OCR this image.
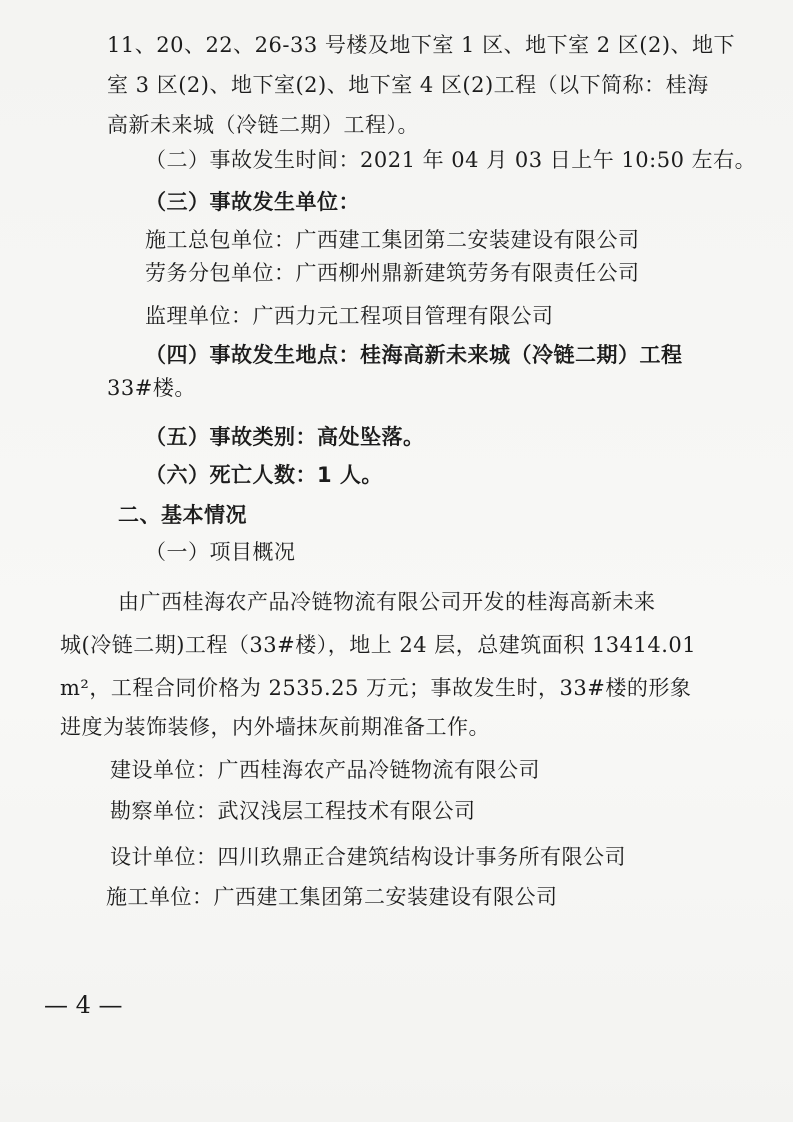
11、20、22、26-33 号楼及地下室 1 区、地下室 2 区(2)、地下
室 3 区(2)、地下室(2)、地下室 4 区(2)工程（以下简称：桂海
高新未来城（冷链二期）工程）。
（二）事故发生时间：2021 年 04 月 03 日上午 10:50 左右。
（三）事故发生单位：
施工总包单位：广西建工集团第二安装建设有限公司
劳务分包单位：广西柳州鼎新建筑劳务有限责任公司
监理单位：广西力元工程项目管理有限公司
（四）事故发生地点：桂海高新未来城（冷链二期）工程
33#楼。
（五）事故类别：高处坠落。
（六）死亡人数：1 人。
二、基本情况
（一）项目概况
由广西桂海农产品冷链物流有限公司开发的桂海高新未来
城(冷链二期)工程（33#楼），地上 24 层，总建筑面积 13414.01
m²，工程合同价格为 2535.25 万元；事故发生时，33#楼的形象
进度为装饰装修，内外墙抹灰前期准备工作。
建设单位：广西桂海农产品冷链物流有限公司
勘察单位：武汉浅层工程技术有限公司
设计单位：四川玖鼎正合建筑结构设计事务所有限公司
施工单位：广西建工集团第二安装建设有限公司
— 4 —
